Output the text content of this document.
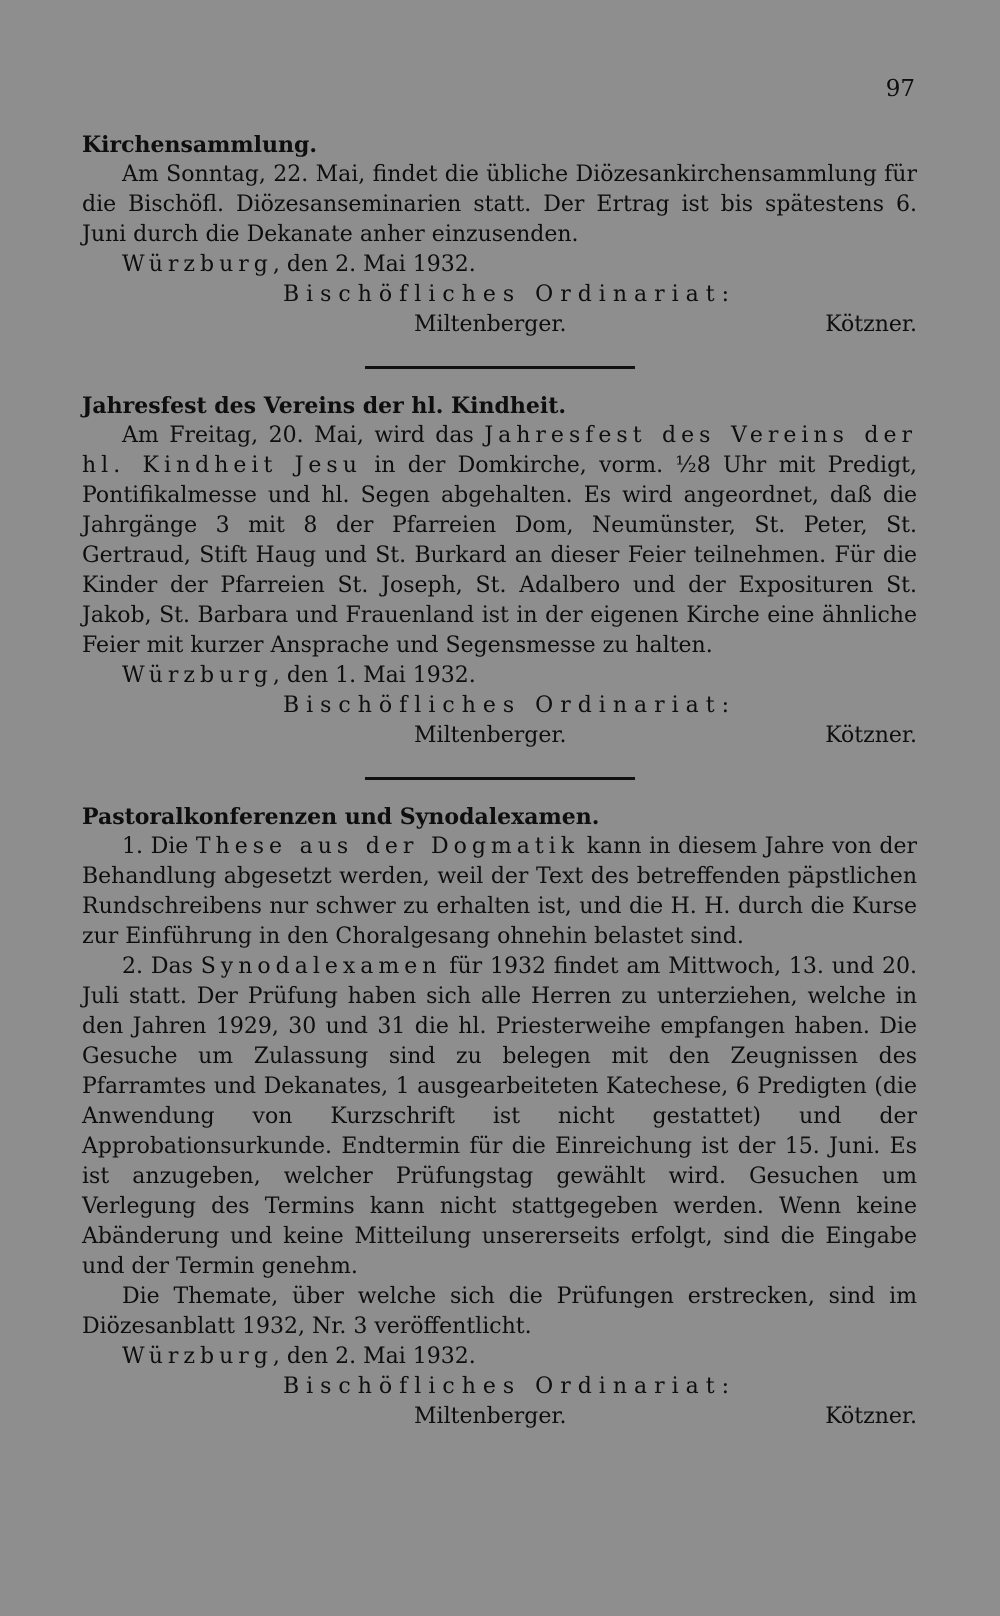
97
Kirchensammlung.

Am Sonntag, 22. Mai, findet die übliche Diözesankirchensammlung für die Bischöfl. Diözesanseminarien statt. Der Ertrag ist bis spätestens 6. Juni durch die Dekanate anher einzusenden.

Würzburg, den 2. Mai 1932.

Bischöfliches Ordinariat:

Miltenberger.	Kötzner.
Jahresfest des Vereins der hl. Kindheit.

Am Freitag, 20. Mai, wird das Jahresfest des Vereins der hl. Kindheit Jesu in der Domkirche, vorm. ½8 Uhr mit Predigt, Pontifikalmesse und hl. Segen abgehalten. Es wird angeordnet, daß die Jahrgänge 3 mit 8 der Pfarreien Dom, Neumünster, St. Peter, St. Gertraud, Stift Haug und St. Burkard an dieser Feier teilnehmen. Für die Kinder der Pfarreien St. Joseph, St. Adalbero und der Exposituren St. Jakob, St. Barbara und Frauenland ist in der eigenen Kirche eine ähnliche Feier mit kurzer Ansprache und Segensmesse zu halten.

Würzburg, den 1. Mai 1932.

Bischöfliches Ordinariat:

Miltenberger.	Kötzner.
Pastoralkonferenzen und Synodalexamen.

1. Die These aus der Dogmatik kann in diesem Jahre von der Behandlung abgesetzt werden, weil der Text des betreffenden päpstlichen Rundschreibens nur schwer zu erhalten ist, und die H. H. durch die Kurse zur Einführung in den Choralgesang ohnehin belastet sind.

2. Das Synodalexamen für 1932 findet am Mittwoch, 13. und 20. Juli statt. Der Prüfung haben sich alle Herren zu unterziehen, welche in den Jahren 1929, 30 und 31 die hl. Priesterweihe empfangen haben. Die Gesuche um Zulassung sind zu belegen mit den Zeugnissen des Pfarramtes und Dekanates, 1 ausgearbeiteten Katechese, 6 Predigten (die Anwendung von Kurzschrift ist nicht gestattet) und der Approbationsurkunde. Endtermin für die Einreichung ist der 15. Juni. Es ist anzugeben, welcher Prüfungstag gewählt wird. Gesuchen um Verlegung des Termins kann nicht stattgegeben werden. Wenn keine Abänderung und keine Mitteilung unsererseits erfolgt, sind die Eingabe und der Termin genehm.

Die Themate, über welche sich die Prüfungen erstrecken, sind im Diözesanblatt 1932, Nr. 3 veröffentlicht.

Würzburg, den 2. Mai 1932.

Bischöfliches Ordinariat:

Miltenberger.	Kötzner.
